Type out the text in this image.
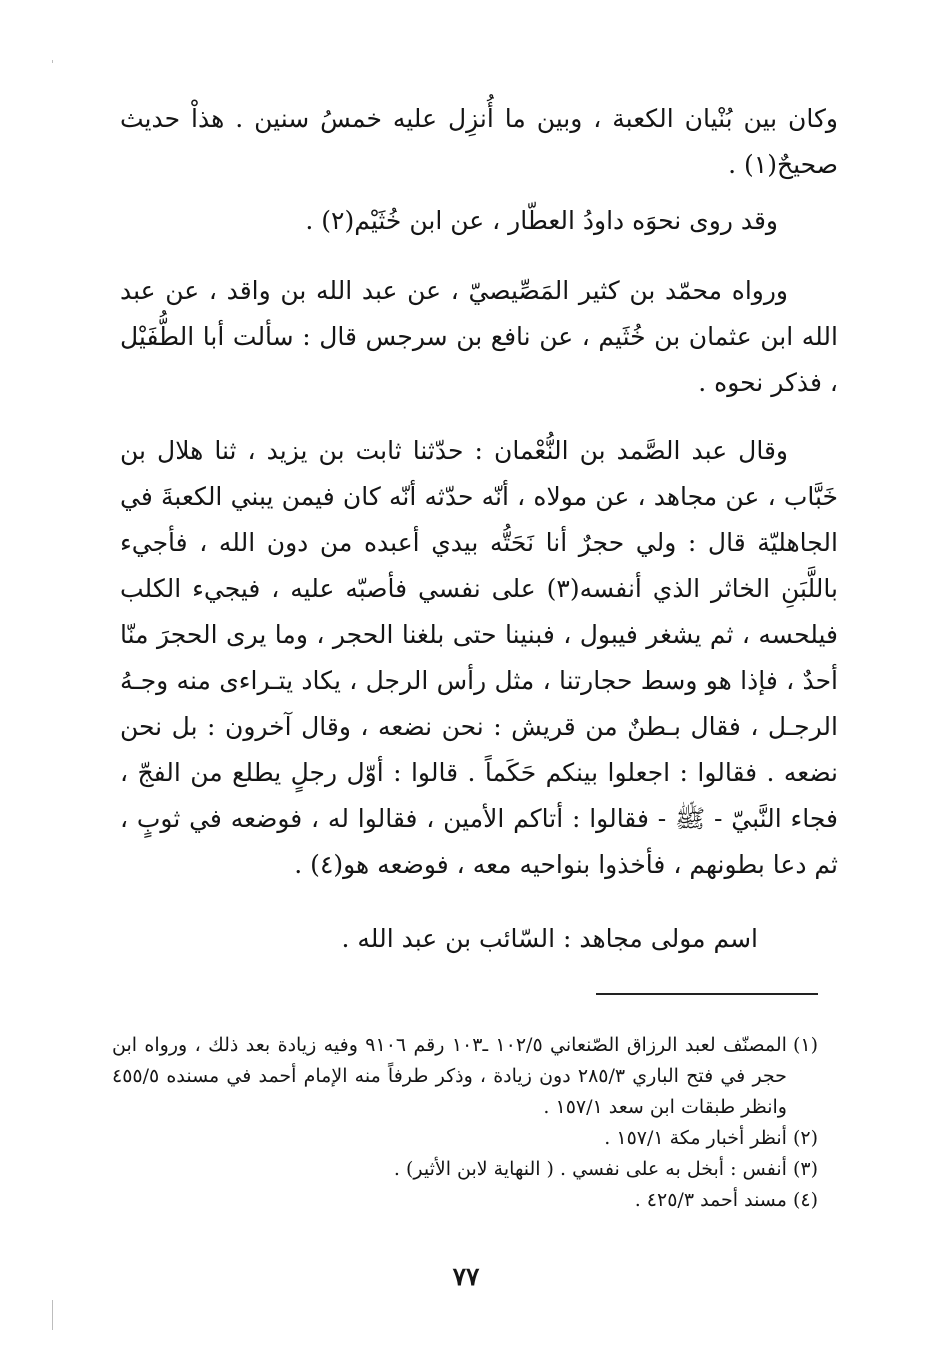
وكان بين بُنْيان الكعبة ، وبين ما أُنزِل عليه خمسُ سنين . هذاْ حديث صحيحٌ(١) .
وقد روى نحوَه داودُ العطّار ، عن ابن خُثَيْم(٢) .
ورواه محمّد بن كثير المَصِّيصيّ ، عن عبد الله بن واقد ، عن عبد الله ابن عثمان بن خُثَيم ، عن نافع بن سرجس قال : سألت أبا الطُّفَيْل ، فذكر نحوه .
وقال عبد الصَّمد بن النُّعْمان : حدّثنا ثابت بن يزيد ، ثنا هلال بن خَبَّاب ، عن مجاهد ، عن مولاه ، أنّه حدّثه أنّه كان فيمن يبني الكعبةَ في الجاهليّة قال : ولي حجرٌ أنا نَحَتُّه بيدي أعبده من دون الله ، فأجيء باللَّبَنِ الخاثر الذي أنفسه(٣) على نفسي فأصبّه عليه ، فيجيء الكلب فيلحسه ، ثم يشغر فيبول ، فبنينا حتى بلغنا الحجر ، وما يرى الحجرَ منّا أحدٌ ، فإذا هو وسط حجارتنا ، مثل رأس الرجل ، يكاد يتـراءى منه وجـهُ الرجـل ، فقال بـطنٌ من قريش : نحن نضعه ، وقال آخرون : بل نحن نضعه . فقالوا : اجعلوا بينكم حَكَماً . قالوا : أوّل رجلٍ يطلع من الفجّ ، فجاء النَّبيّ - ﷺ - فقالوا : أتاكم الأمين ، فقالوا له ، فوضعه في ثوبٍ ، ثم دعا بطونهم ، فأخذوا بنواحيه معه ، فوضعه هو(٤) .
اسم مولى مجاهد : السّائب بن عبد الله .
(١)
المصنّف لعبد الرزاق الصّنعاني ١٠٢/٥ ـ١٠٣ رقم ٩١٠٦ وفيه زيادة بعد ذلك ، ورواه ابن حجر في فتح الباري ٢٨٥/٣ دون زيادة ، وذكر طرفاً منه الإمام أحمد في مسنده ٤٥٥/٥ وانظر طبقات ابن سعد ١٥٧/١ .
(٢)
أنظر أخبار مكة ١٥٧/١ .
(٣)
أنفس : أبخل به على نفسي . ( النهاية لابن الأثير) .
(٤)
مسند أحمد ٤٢٥/٣ .
٧٧
